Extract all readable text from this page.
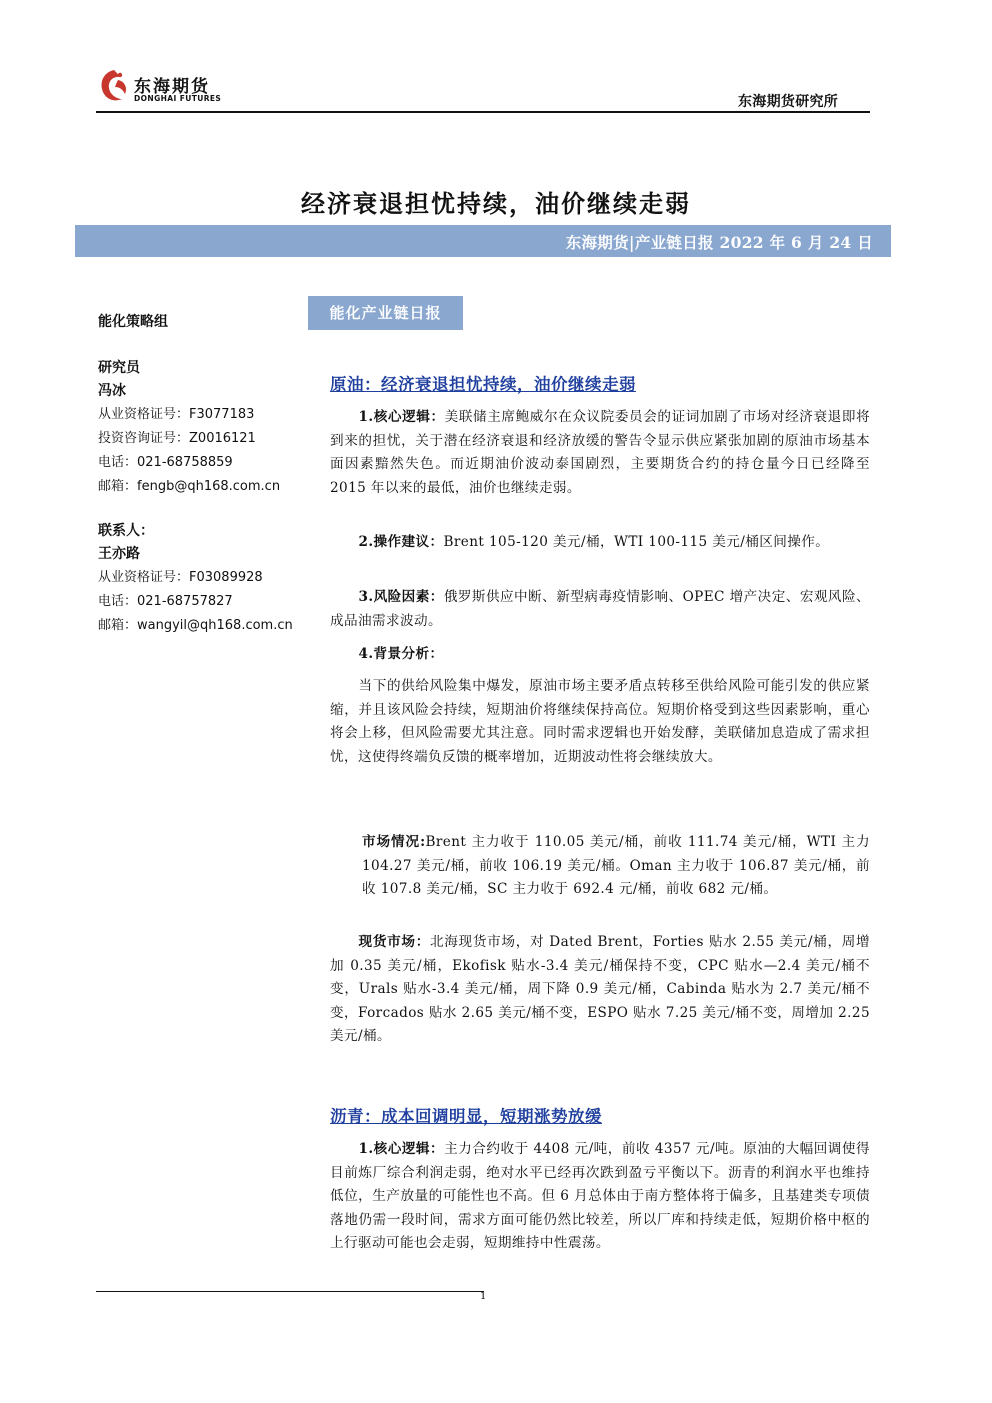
东海期货
DONGHAI FUTURES	东海期货研究所
经济衰退担忧持续，油价继续走弱
东海期货|产业链日报 2022 年 6 月 24 日
能化策略组
研究员
冯冰
从业资格证号：F3077183
投资咨询证号：Z0016121
电话：021-68758859
邮箱：fengb@qh168.com.cn
联系人：
王亦路
从业资格证号：F03089928
电话：021-68757827
邮箱：wangyil@qh168.com.cn
能化产业链日报
原油：经济衰退担忧持续，油价继续走弱
1.核心逻辑：美联储主席鲍威尔在众议院委员会的证词加剧了市场对经济衰退即将到来的担忧，关于潜在经济衰退和经济放缓的警告令显示供应紧张加剧的原油市场基本面因素黯然失色。而近期油价波动泰国剧烈，主要期货合约的持仓量今日已经降至 2015 年以来的最低，油价也继续走弱。
2.操作建议：Brent 105-120 美元/桶，WTI 100-115 美元/桶区间操作。
3.风险因素：俄罗斯供应中断、新型病毒疫情影响、OPEC 增产决定、宏观风险、成品油需求波动。
4.背景分析：
当下的供给风险集中爆发，原油市场主要矛盾点转移至供给风险可能引发的供应紧缩，并且该风险会持续，短期油价将继续保持高位。短期价格受到这些因素影响，重心将会上移，但风险需要尤其注意。同时需求逻辑也开始发酵，美联储加息造成了需求担忧，这使得终端负反馈的概率增加，近期波动性将会继续放大。
市场情况:Brent 主力收于 110.05 美元/桶，前收 111.74 美元/桶，WTI 主力 104.27 美元/桶，前收 106.19 美元/桶。Oman 主力收于 106.87 美元/桶，前收 107.8 美元/桶，SC 主力收于 692.4 元/桶，前收 682 元/桶。
现货市场：北海现货市场，对 Dated Brent，Forties 贴水 2.55 美元/桶，周增加 0.35 美元/桶，Ekofisk 贴水-3.4 美元/桶保持不变，CPC 贴水—2.4 美元/桶不变，Urals 贴水-3.4 美元/桶，周下降 0.9 美元/桶，Cabinda 贴水为 2.7 美元/桶不变，Forcados 贴水 2.65 美元/桶不变，ESPO 贴水 7.25 美元/桶不变，周增加 2.25 美元/桶。
沥青：成本回调明显，短期涨势放缓
1.核心逻辑：主力合约收于 4408 元/吨，前收 4357 元/吨。原油的大幅回调使得目前炼厂综合利润走弱，绝对水平已经再次跌到盈亏平衡以下。沥青的利润水平也维持低位，生产放量的可能性也不高。但 6 月总体由于南方整体将于偏多，且基建类专项债落地仍需一段时间，需求方面可能仍然比较差，所以厂库和持续走低，短期价格中枢的上行驱动可能也会走弱，短期维持中性震荡。
1
